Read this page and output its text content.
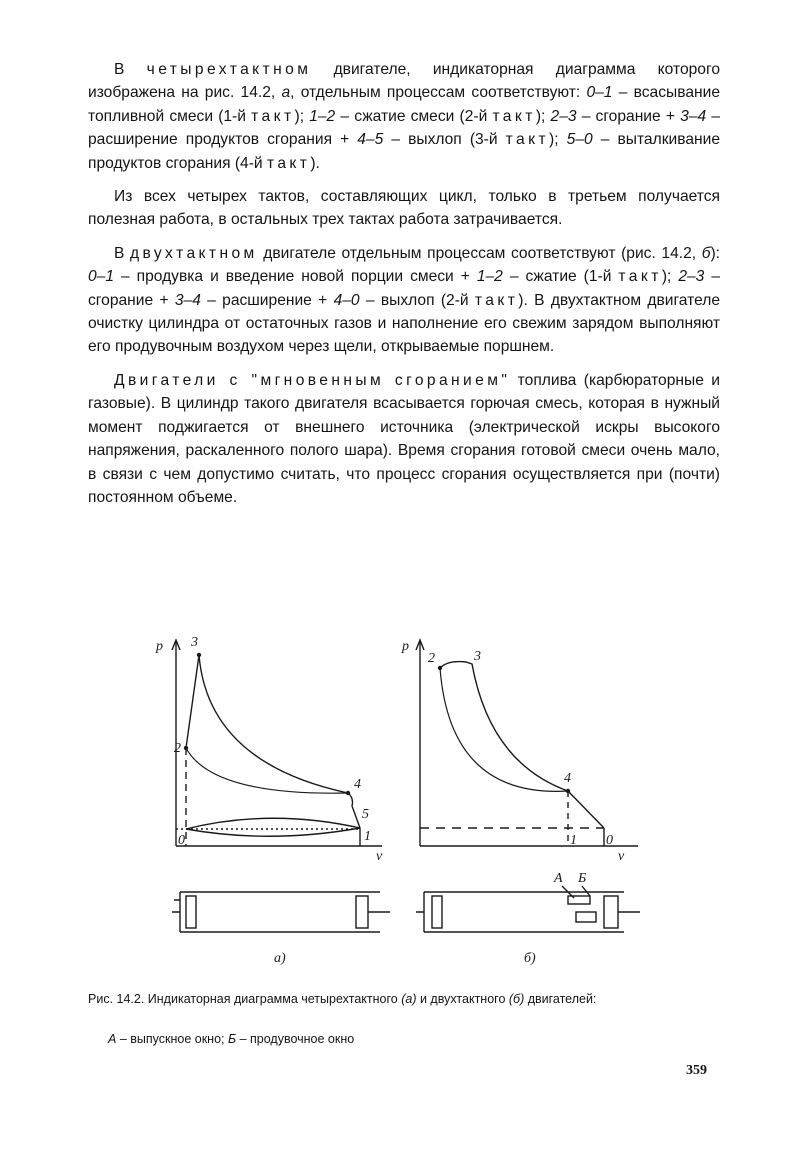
В четырехтактном двигателе, индикаторная диаграмма которого изображена на рис. 14.2, а, отдельным процессам соответствуют: 0–1 – всасывание топливной смеси (1-й такт); 1–2 – сжатие смеси (2-й такт); 2–3 – сгорание + 3–4 – расширение продуктов сгорания + 4–5 – выхлоп (3-й такт); 5–0 – выталкивание продуктов сгорания (4-й такт).

Из всех четырех тактов, составляющих цикл, только в третьем получается полезная работа, в остальных трех тактах работа затрачивается.

В двухтактном двигателе отдельным процессам соответствуют (рис. 14.2, б): 0–1 – продувка и введение новой порции смеси + 1–2 – сжатие (1-й такт); 2–3 – сгорание + 3–4 – расширение + 4–0 – выхлоп (2-й такт). В двухтактном двигателе очистку цилиндра от остаточных газов и наполнение его свежим зарядом выполняют его продувочным воздухом через щели, открываемые поршнем.

Двигатели с "мгновенным сгоранием" топлива (карбюраторные и газовые). В цилиндр такого двигателя всасывается горючая смесь, которая в нужный момент поджигается от внешнего источника (электрической искры высокого напряжения, раскаленного полого шара). Время сгорания готовой смеси очень мало, в связи с чем допустимо считать, что процесс сгорания осуществляется при (почти) постоянном объеме.

p
v
3
2
4
5
0	1
а)
p
v
2	3
4
1 0
А Б
б)
Рис. 14.2. Индикаторная диаграмма четырехтактного (а) и двухтактного (б) двигателей:
А – выпускное окно; Б – продувочное окно
359
